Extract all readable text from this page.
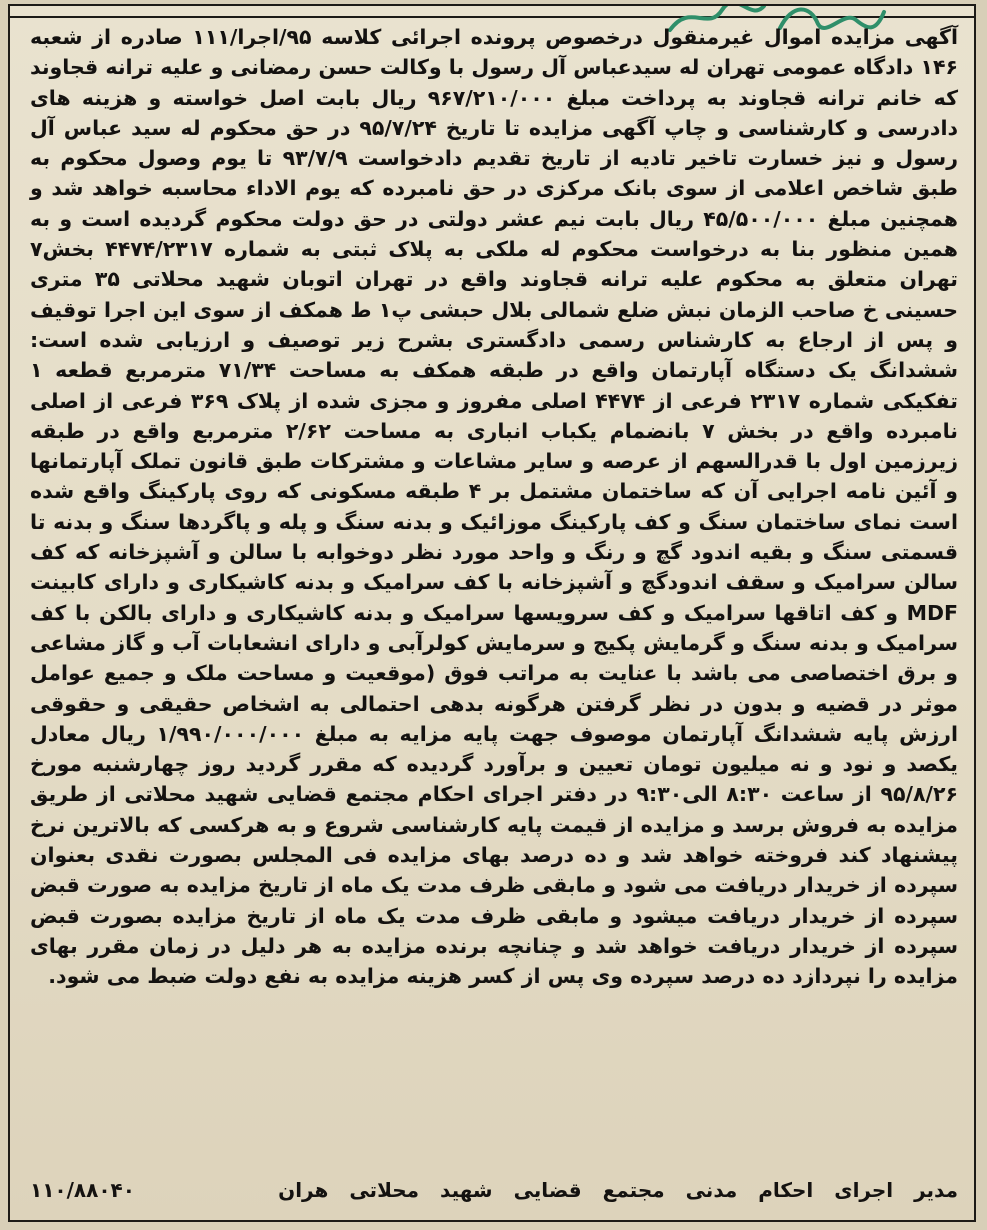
آگهی مزایده اموال غیرمنقول درخصوص پرونده اجرائی کلاسه ۹۵/اجرا/۱۱۱ صادره از شعبه ۱۴۶ دادگاه عمومی تهران له سیدعباس آل رسول با وکالت حسن رمضانی و علیه ترانه قجاوند که خانم ترانه قجاوند به پرداخت مبلغ ۹۶۷/۲۱۰/۰۰۰ ریال بابت اصل خواسته و هزینه های دادرسی و کارشناسی و چاپ آگهی مزایده تا تاریخ ۹۵/۷/۲۴ در حق محکوم له سید عباس آل رسول و نیز خسارت تاخیر تادیه از تاریخ تقدیم دادخواست ۹۳/۷/۹ تا یوم وصول محکوم به طبق شاخص اعلامی از سوی بانک مرکزی در حق نامبرده که یوم الاداء محاسبه خواهد شد و همچنین مبلغ ۴۵/۵۰۰/۰۰۰ ریال بابت نیم عشر دولتی در حق دولت محکوم گردیده است و به همین منظور بنا به درخواست محکوم له ملکی به پلاک ثبتی به شماره ۴۴۷۴/۲۳۱۷ بخش۷ تهران متعلق به محکوم علیه ترانه قجاوند واقع در تهران اتوبان شهید محلاتی ۳۵ متری حسینی خ صاحب الزمان نبش ضلع شمالی بلال حبشی پ۱ ط همکف از سوی این اجرا توقیف و پس از ارجاع به کارشناس رسمی دادگستری بشرح زیر توصیف و ارزیابی شده است: ششدانگ یک دستگاه آپارتمان واقع در طبقه همکف به مساحت ۷۱/۳۴ مترمربع قطعه ۱ تفکیکی شماره ۲۳۱۷ فرعی از ۴۴۷۴ اصلی مفروز و مجزی شده از پلاک ۳۶۹ فرعی از اصلی نامبرده واقع در بخش ۷ بانضمام یکباب انباری به مساحت ۲/۶۲ مترمربع واقع در طبقه زیرزمین اول با قدرالسهم از عرصه و سایر مشاعات و مشترکات طبق قانون تملک آپارتمانها و آئین نامه اجرایی آن که ساختمان مشتمل بر ۴ طبقه مسکونی که روی پارکینگ واقع شده است نمای ساختمان سنگ و کف پارکینگ موزائیک و بدنه سنگ و پله و پاگردها سنگ و بدنه تا قسمتی سنگ و بقیه اندود گچ و رنگ و واحد مورد نظر دوخوابه با سالن و آشپزخانه که کف سالن سرامیک و سقف اندودگچ و آشپزخانه با کف سرامیک و بدنه کاشیکاری و دارای کابینت MDF و کف اتاقها سرامیک و کف سرویسها سرامیک و بدنه کاشیکاری و دارای بالکن با کف سرامیک و بدنه سنگ و گرمایش پکیج و سرمایش کولرآبی و دارای انشعابات آب و گاز مشاعی و برق اختصاصی می باشد با عنایت به مراتب فوق (موقعیت و مساحت ملک و جمیع عوامل موثر در قضیه و بدون در نظر گرفتن هرگونه بدهی احتمالی به اشخاص حقیقی و حقوقی ارزش پایه ششدانگ آپارتمان موصوف جهت پایه مزایه به مبلغ ۱/۹۹۰/۰۰۰/۰۰۰ ریال معادل یکصد و نود و نه میلیون تومان تعیین و برآورد گردیده که مقرر گردید روز چهارشنبه مورخ ۹۵/۸/۲۶ از ساعت ۸:۳۰ الی۹:۳۰ در دفتر اجرای احکام مجتمع قضایی شهید محلاتی از طریق مزایده به فروش برسد و مزایده از قیمت پایه کارشناسی شروع و به هرکسی که بالاترین نرخ پیشنهاد کند فروخته خواهد شد و ده درصد بهای مزایده فی المجلس بصورت نقدی بعنوان سپرده از خریدار دریافت می شود و مابقی ظرف مدت یک ماه از تاریخ مزایده به صورت قبض سپرده از خریدار دریافت میشود و مابقی ظرف مدت یک ماه از تاریخ مزایده بصورت قبض سپرده از خریدار دریافت خواهد شد و چنانچه برنده مزایده به هر دلیل در زمان مقرر بهای مزایده را نپردازد ده درصد سپرده وی پس از کسر هزینه مزایده به نفع دولت ضبط می شود.

مدیر اجرای احکام مدنی مجتمع قضایی شهید محلاتی هران
۱۱۰/۸۸۰۴۰
